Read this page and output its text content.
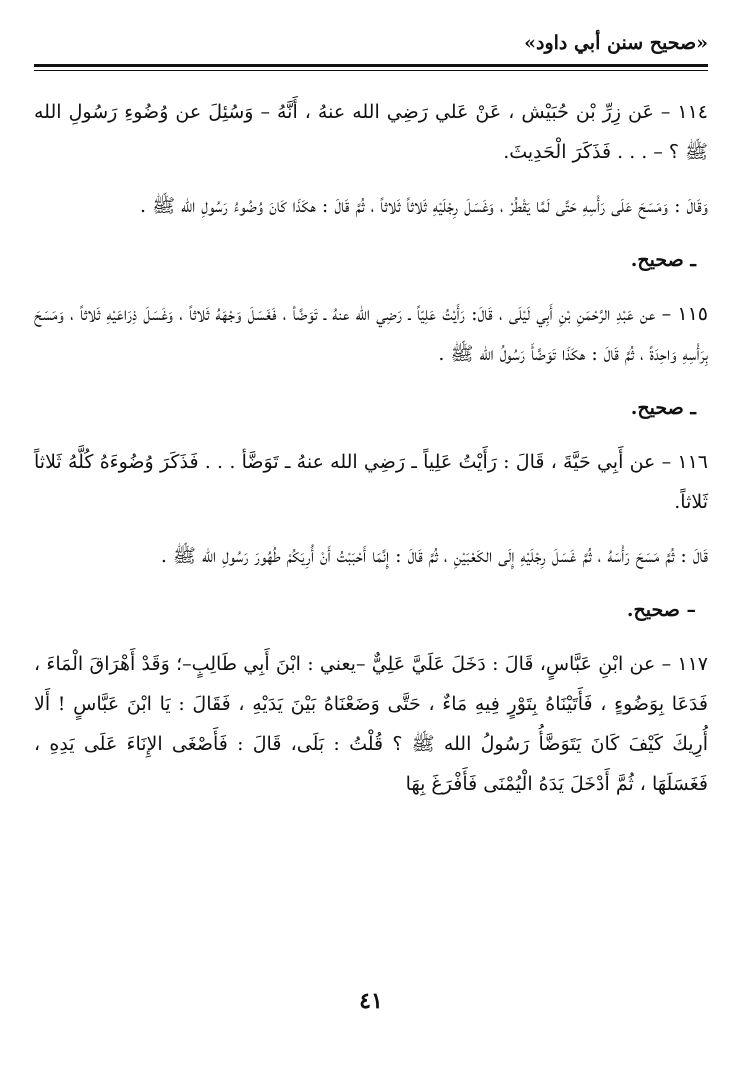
«صحيح سنن أبي داود»

١١٤ – عَن زِرِّ بْن حُبَيْش ، عَنْ عَلي رَضِي الله عنهُ ، أَنَّهُ – وَسُئِلَ عن وُضُوءِ رَسُولِ الله ﷺ ؟ – . . . فَذَكَرَ الْحَدِيثَ.

وَقَالَ : وَمَسَحَ عَلَى رَأْسِهِ حَتَّى لَمَّا يَقْطُرْ ، وَغَسَلَ رِجْلَيْهِ ثَلاثاً ثَلاثاً ، ثُمَّ قَالَ : هكَذَا كَانَ وُضُوءُ رَسُولِ الله ﷺ .

ـ صحيح.

١١٥ – عن عَبْدِ الرَّحْمَنِ بْنِ أَبِي لَيْلَى ، قَالَ: رَأَيْتُ عَلِيّاً ـ رَضِي الله عنهُ ـ تَوَضَّأ ، فَغَسَلَ وَجْهَهُ ثَلاثاً ، وَغَسَلَ ذِرَاعَيْهِ ثَلاثاً ، وَمَسَحَ بِرَأْسِهِ وَاحِدَةً ، ثُمَّ قَالَ : هكَذَا تَوَضَّأَ رَسُولُ الله ﷺ .

ـ صحيح.

١١٦ – عن أَبِي حَيَّةَ ، قَالَ : رَأَيْتُ عَلِياً ـ رَضِي الله عنهُ ـ تَوَضَّأ . . . فَذَكَرَ وُضُوءَهُ كُلَّهُ ثَلاثاً ثَلاثاً.

قَالَ : ثُمَّ مَسَحَ رَأْسَهُ ، ثُمَّ غَسَلَ رِجْلَيْهِ إِلَى الكَعْبَيْنِ ، ثُمَّ قَالَ : إِنَّمَا أَحْبَبْتُ أَنْ أُرِيَكُمْ طُهُورَ رَسُولِ الله ﷺ .

– صحيح.

١١٧ – عن ابْنِ عَبَّاسٍ، قَالَ : دَخَلَ عَلَيَّ عَلِيٌّ –يعني : ابْنَ أَبِي طَالِبٍ–؛ وَقَدْ أَهْرَاقَ الْمَاءَ ، فَدَعَا بِوَضُوءٍ ، فَأَتَيْنَاهُ بِتَوْرٍ فِيهِ مَاءٌ ، حَتَّى وَضَعْنَاهُ بَيْنَ يَدَيْهِ ، فَقَالَ : يَا ابْنَ عَبَّاسٍ ! أَلا أُرِيكَ كَيْفَ كَانَ يَتَوَضَّأُ رَسُولُ الله ﷺ ؟ قُلْتُ : بَلَى، قَالَ : فَأَصْغَى الإِنَاءَ عَلَى يَدِهِ ، فَغَسَلَهَا ، ثُمَّ أَدْخَلَ يَدَهُ الْيُمْنَى فَأَفْرَغَ بِهَا

٤١
